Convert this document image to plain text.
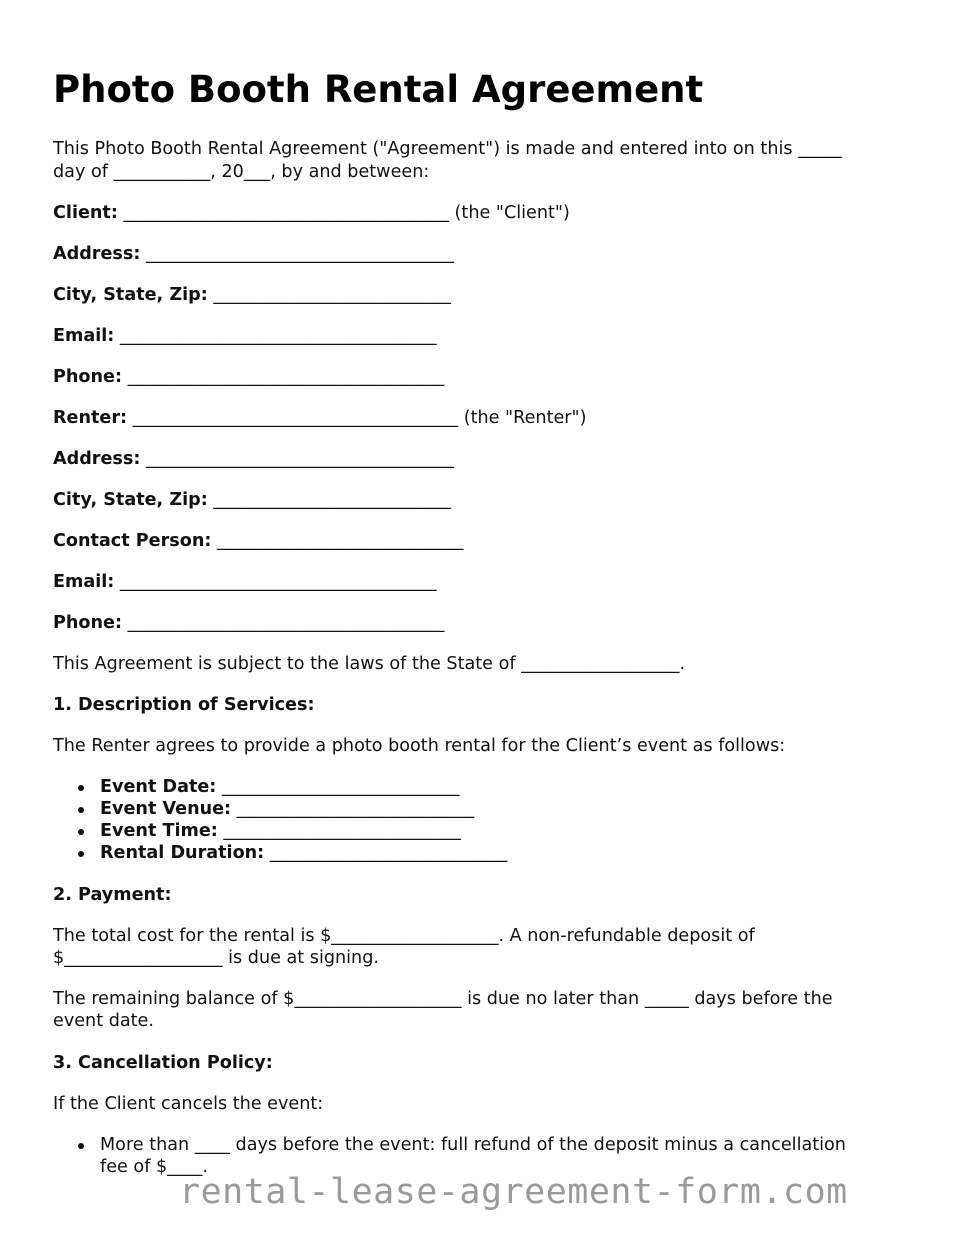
Photo Booth Rental Agreement
This Photo Booth Rental Agreement ("Agreement") is made and entered into on this _____
day of ___________, 20___, by and between:
Client: _____________________________________ (the "Client")
Address: ___________________________________
City, State, Zip: ___________________________
Email: ____________________________________
Phone: ____________________________________
Renter: _____________________________________ (the "Renter")
Address: ___________________________________
City, State, Zip: ___________________________
Contact Person: ____________________________
Email: ____________________________________
Phone: ____________________________________
This Agreement is subject to the laws of the State of __________________.
1. Description of Services:
The Renter agrees to provide a photo booth rental for the Client’s event as follows:
Event Date: ___________________________
Event Venue: ___________________________
Event Time: ___________________________
Rental Duration: ___________________________
2. Payment:
The total cost for the rental is $___________________. A non-refundable deposit of
$__________________ is due at signing.
The remaining balance of $___________________ is due no later than _____ days before the
event date.
3. Cancellation Policy:
If the Client cancels the event:
More than ____ days before the event: full refund of the deposit minus a cancellation
fee of $____.
rental-lease-agreement-form.com
